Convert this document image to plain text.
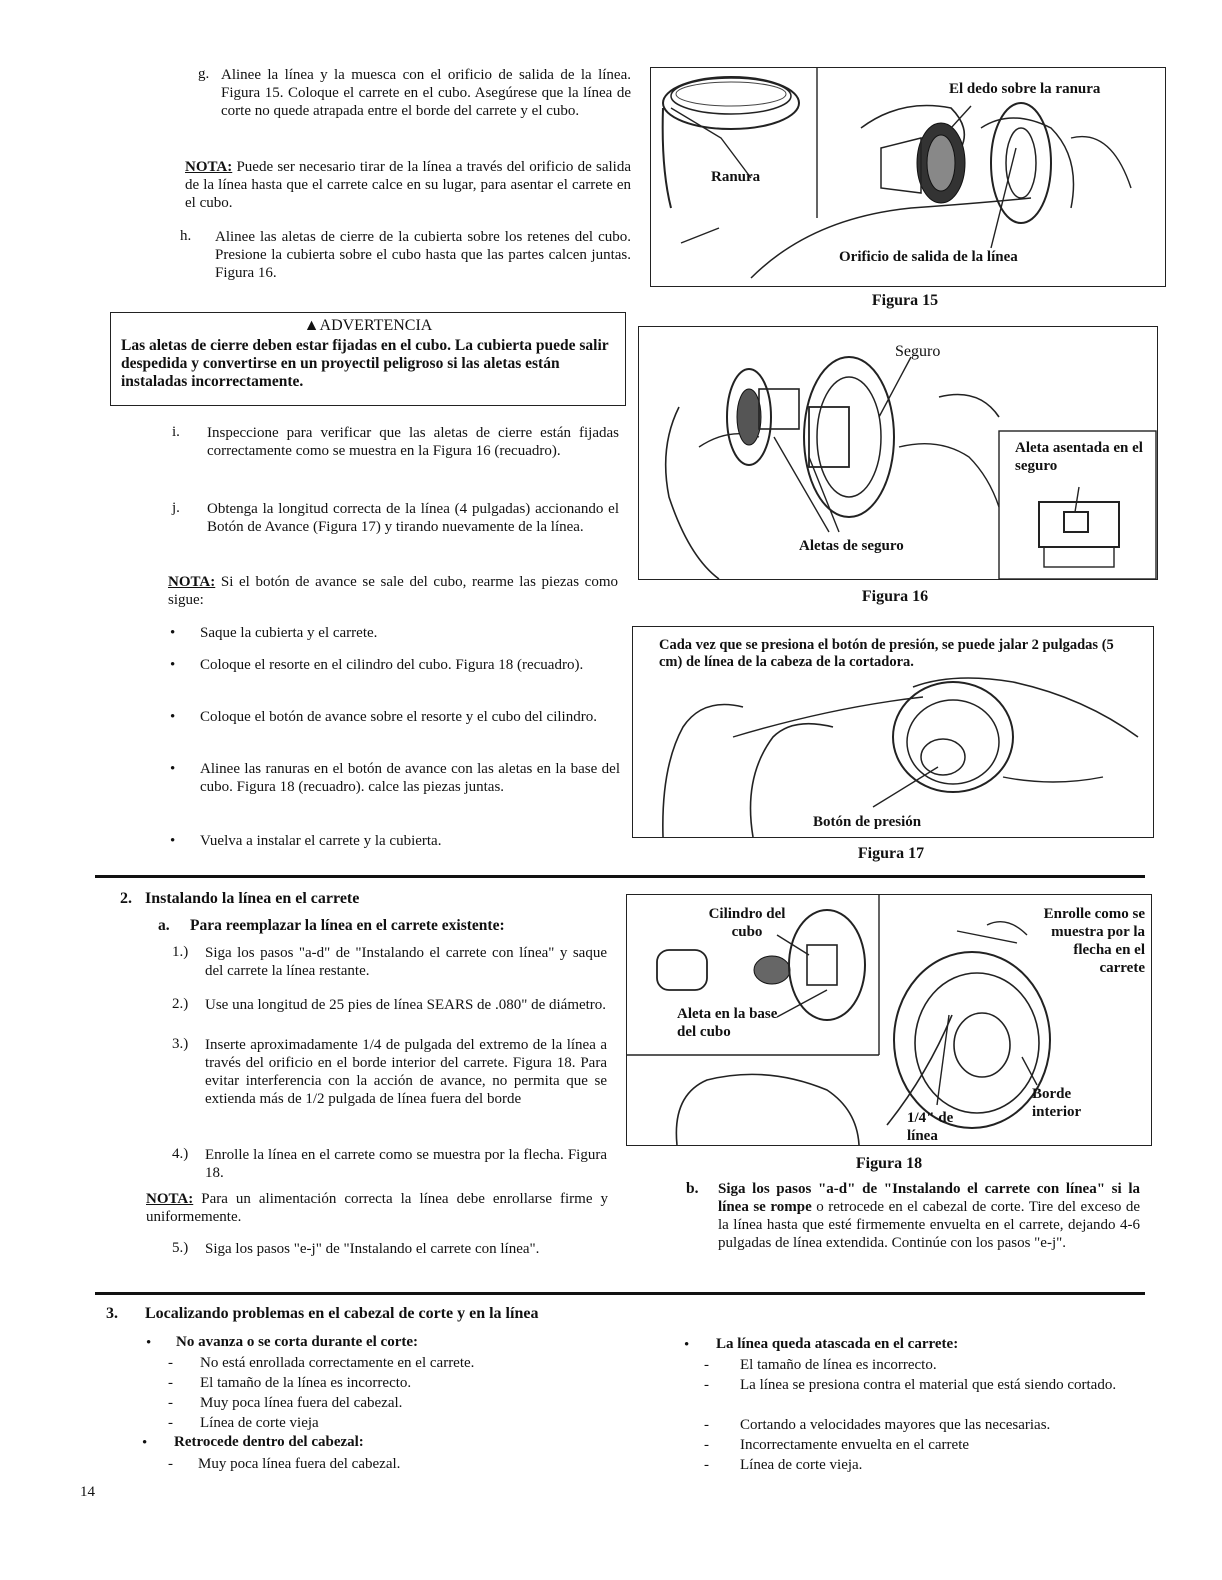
g. Alinee la línea y la muesca con el orificio de salida de la línea. Figura 15. Coloque el carrete en el cubo. Asegúrese que la línea de corte no quede atrapada entre el borde del carrete y el cubo.

NOTA: Puede ser necesario tirar de la línea a través del orificio de salida de la línea hasta que el carrete calce en su lugar, para asentar el carrete en el cubo.

h. Alinee las aletas de cierre de la cubierta sobre los retenes del cubo. Presione la cubierta sobre el cubo hasta que las partes calcen juntas. Figura 16.

▲ADVERTENCIA
Las aletas de cierre deben estar fijadas en el cubo. La cubierta puede salir despedida y convertirse en un proyectil peligroso si las aletas están instaladas incorrectamente.
i. Inspeccione para verificar que las aletas de cierre están fijadas correctamente como se muestra en la Figura 16 (recuadro).

j. Obtenga la longitud correcta de la línea (4 pulgadas) accionando el Botón de Avance (Figura 17) y tirando nuevamente de la línea.

NOTA: Si el botón de avance se sale del cubo, rearme las piezas como sigue:

• Saque la cubierta y el carrete.

• Coloque el resorte en el cilindro del cubo. Figura 18 (recuadro).

• Coloque el botón de avance sobre el resorte y el cubo del cilindro.

• Alinee las ranuras en el botón de avance con las aletas en la base del cubo. Figura 18 (recuadro). calce las piezas juntas.

• Vuelva a instalar el carrete y la cubierta.

Ranura
El dedo sobre la ranura
Orificio de salida de la línea
Figura 15
Seguro
Aletas de seguro
Aleta asentada en el seguro
Figura 16
Cada vez que se presiona el botón de presión, se puede jalar 2 pulgadas (5 cm) de línea de la cabeza de la cortadora.
Botón de presión
Figura 17
2. Instalando la línea en el carrete
a. Para reemplazar la línea en el carrete existente:
1.) Siga los pasos "a-d" de "Instalando el carrete con línea" y saque del carrete la línea restante.

2.) Use una longitud de 25 pies de línea SEARS de .080" de diámetro.

3.) Inserte aproximadamente 1/4 de pulgada del extremo de la línea a través del orificio en el borde interior del carrete. Figura 18. Para evitar interferencia con la acción de avance, no permita que se extienda más de 1/2 pulgada de línea fuera del borde

4.) Enrolle la línea en el carrete como se muestra por la flecha. Figura 18.

NOTA: Para un alimentación correcta la línea debe enrollarse firme y uniformemente.

5.) Siga los pasos "e-j" de "Instalando el carrete con línea".

Cilindro del cubo
Aleta en la base del cubo
Enrolle como se muestra por la flecha en el carrete
Borde interior
1/4" de línea
Figura 18
b. Siga los pasos "a-d" de "Instalando el carrete con línea" si la línea se rompe o retrocede en el cabezal de corte. Tire del exceso de la línea hasta que esté firmemente envuelta en el carrete, dejando 4-6 pulgadas de línea extendida. Continúe con los pasos "e-j".

3. Localizando problemas en el cabezal de corte y en la línea
• No avanza o se corta durante el corte:
- No está enrollada correctamente en el carrete.

- El tamaño de la línea es incorrecto.

- Muy poca línea fuera del cabezal.

- Línea de corte vieja

• Retrocede dentro del cabezal:
- Muy poca línea fuera del cabezal.

• La línea queda atascada en el carrete:
- El tamaño de línea es incorrecto.

- La línea se presiona contra el material que está siendo cortado.

- Cortando a velocidades mayores que las necesarias.

- Incorrectamente envuelta en el carrete

- Línea de corte vieja.

14
